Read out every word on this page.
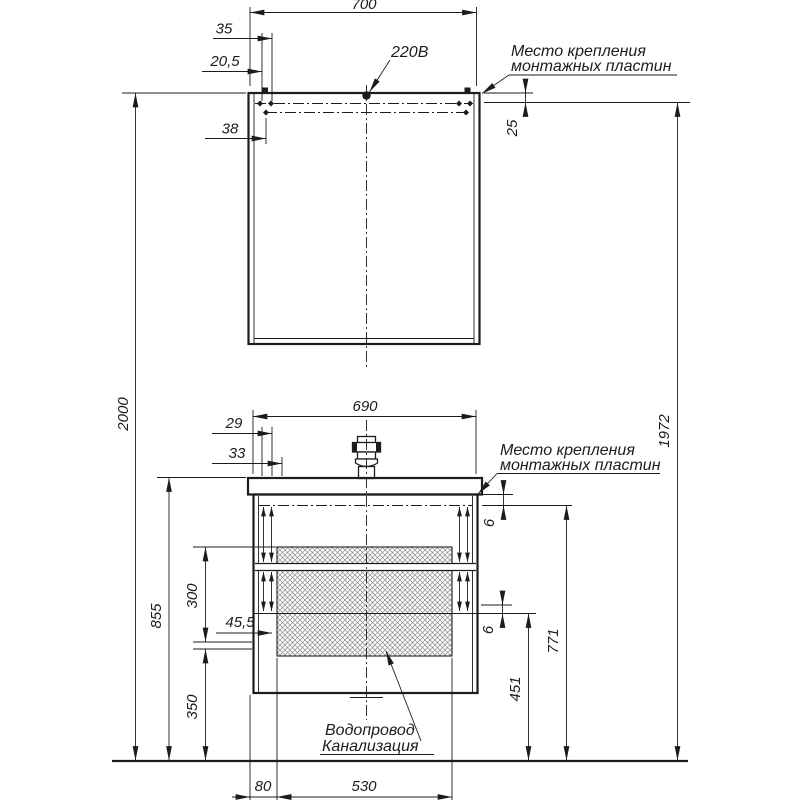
220В	Место крепления
монтажных пластин
700
35
20,5
38	25
2000
1972
Место крепления
монтажных пластин
690
29
33
855
300
350
45,5
6
6	771
451
Водопровод
Канализация
80	530
